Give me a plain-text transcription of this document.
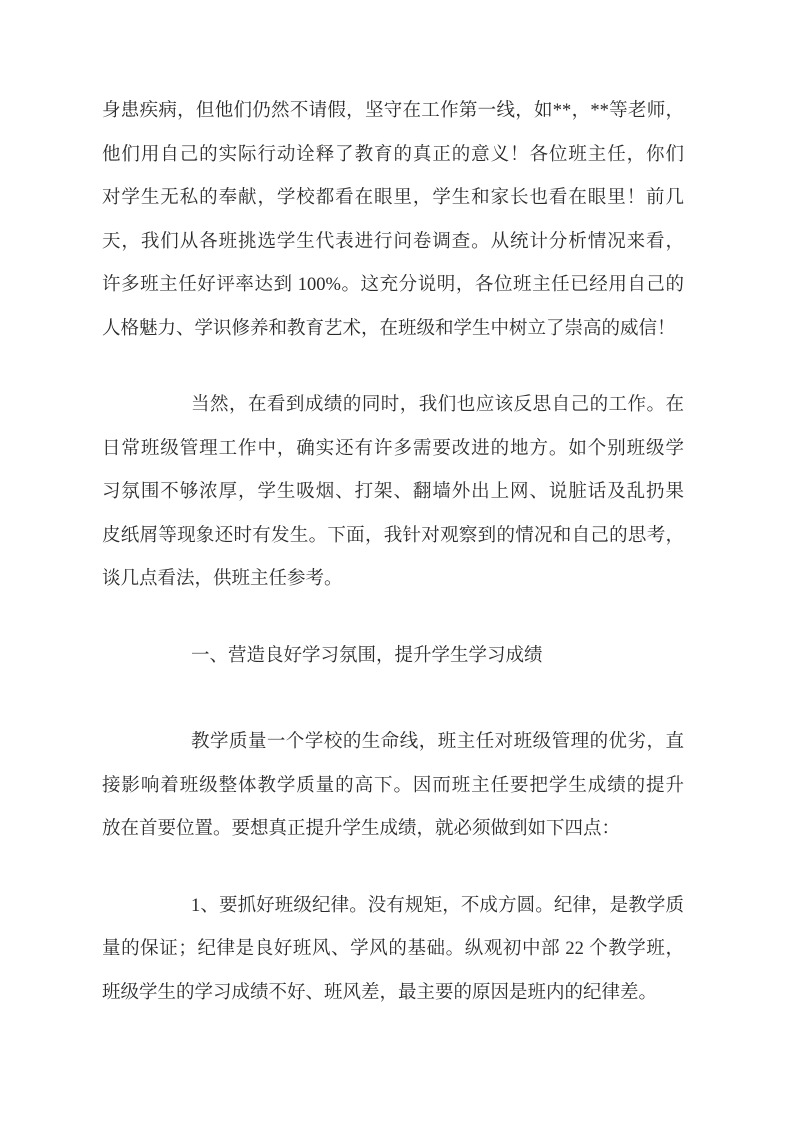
身患疾病，但他们仍然不请假，坚守在工作第一线，如**，**等老师，
他们用自己的实际行动诠释了教育的真正的意义！各位班主任，你们
对学生无私的奉献，学校都看在眼里，学生和家长也看在眼里！前几
天，我们从各班挑选学生代表进行问卷调查。从统计分析情况来看，
许多班主任好评率达到 100%。这充分说明，各位班主任已经用自己的
人格魅力、学识修养和教育艺术，在班级和学生中树立了崇高的威信！
当然，在看到成绩的同时，我们也应该反思自己的工作。在
日常班级管理工作中，确实还有许多需要改进的地方。如个别班级学
习氛围不够浓厚，学生吸烟、打架、翻墙外出上网、说脏话及乱扔果
皮纸屑等现象还时有发生。下面，我针对观察到的情况和自己的思考，
谈几点看法，供班主任参考。
一、营造良好学习氛围，提升学生学习成绩
教学质量一个学校的生命线，班主任对班级管理的优劣，直
接影响着班级整体教学质量的高下。因而班主任要把学生成绩的提升
放在首要位置。要想真正提升学生成绩，就必须做到如下四点：
1、要抓好班级纪律。没有规矩，不成方圆。纪律，是教学质
量的保证；纪律是良好班风、学风的基础。纵观初中部 22 个教学班，
班级学生的学习成绩不好、班风差，最主要的原因是班内的纪律差。
